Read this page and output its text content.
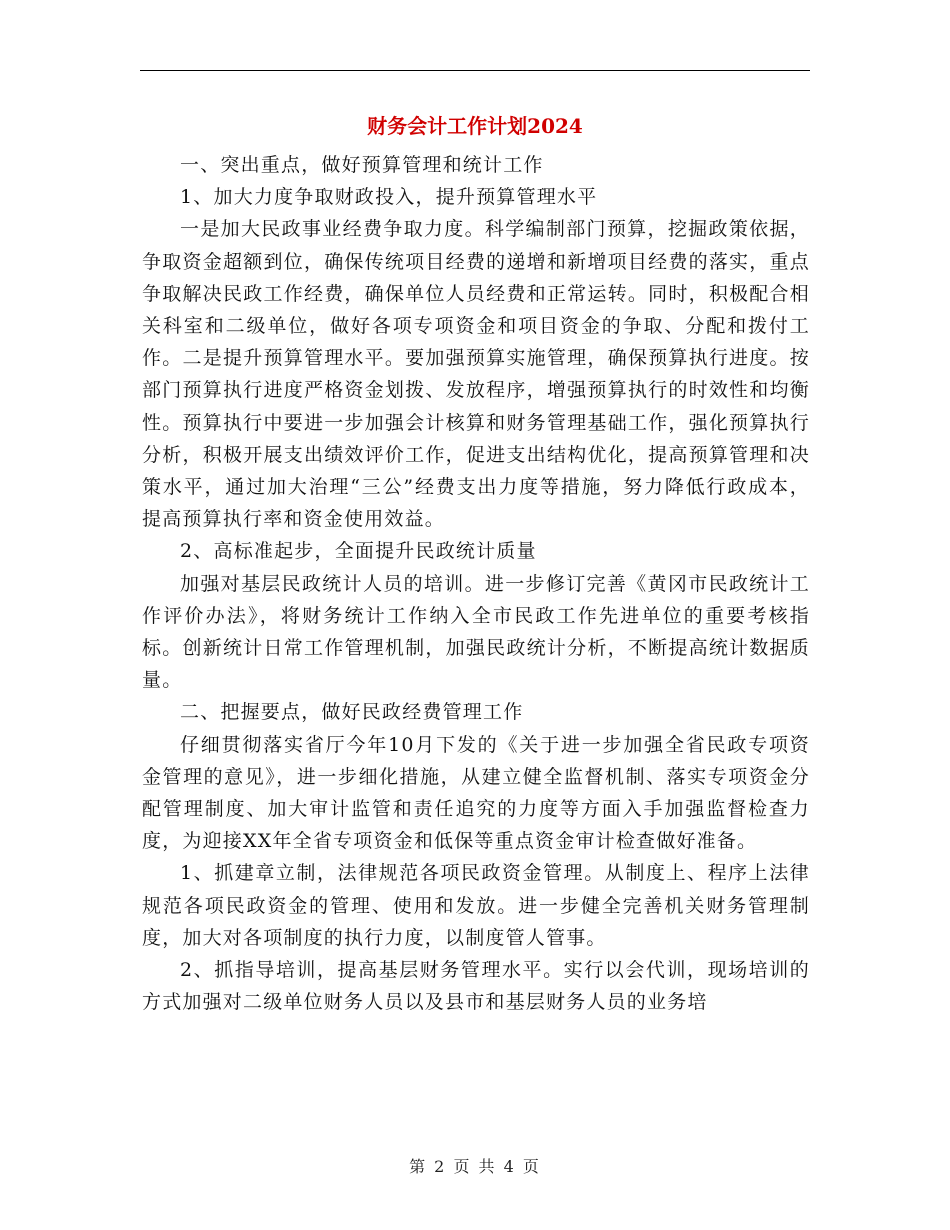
财务会计工作计划2024

一、突出重点，做好预算管理和统计工作

1、加大力度争取财政投入，提升预算管理水平

一是加大民政事业经费争取力度。科学编制部门预算，挖掘政策依据，争取资金超额到位，确保传统项目经费的递增和新增项目经费的落实，重点争取解决民政工作经费，确保单位人员经费和正常运转。同时，积极配合相关科室和二级单位，做好各项专项资金和项目资金的争取、分配和拨付工作。二是提升预算管理水平。要加强预算实施管理，确保预算执行进度。按部门预算执行进度严格资金划拨、发放程序，增强预算执行的时效性和均衡性。预算执行中要进一步加强会计核算和财务管理基础工作，强化预算执行分析，积极开展支出绩效评价工作，促进支出结构优化，提高预算管理和决策水平，通过加大治理“三公”经费支出力度等措施，努力降低行政成本，提高预算执行率和资金使用效益。

2、高标准起步，全面提升民政统计质量

加强对基层民政统计人员的培训。进一步修订完善《黄冈市民政统计工作评价办法》，将财务统计工作纳入全市民政工作先进单位的重要考核指标。创新统计日常工作管理机制，加强民政统计分析，不断提高统计数据质量。

二、把握要点，做好民政经费管理工作

仔细贯彻落实省厅今年10月下发的《关于进一步加强全省民政专项资金管理的意见》，进一步细化措施，从建立健全监督机制、落实专项资金分配管理制度、加大审计监管和责任追究的力度等方面入手加强监督检查力度，为迎接XX年全省专项资金和低保等重点资金审计检查做好准备。

1、抓建章立制，法律规范各项民政资金管理。从制度上、程序上法律规范各项民政资金的管理、使用和发放。进一步健全完善机关财务管理制度，加大对各项制度的执行力度，以制度管人管事。

2、抓指导培训，提高基层财务管理水平。实行以会代训，现场培训的方式加强对二级单位财务人员以及县市和基层财务人员的业务培

第 2 页 共 4 页
